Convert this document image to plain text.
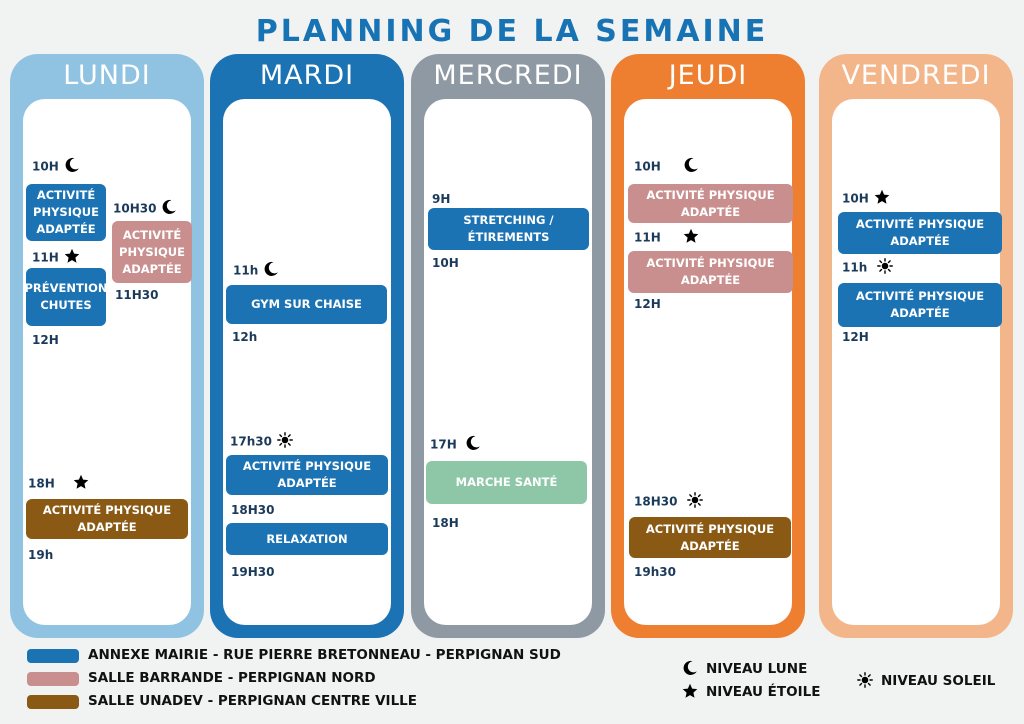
PLANNING DE LA SEMAINE
LUNDI	MARDI	MERCREDI	JEUDI	VENDREDI
10H
ACTIVITÉ PHYSIQUE ADAPTÉE
10H30
ACTIVITÉ PHYSIQUE ADAPTÉE
11H
PRÉVENTION CHUTES
11H30
12H
18H
ACTIVITÉ PHYSIQUE ADAPTÉE
19h
11h
GYM SUR CHAISE
12h
17h30
ACTIVITÉ PHYSIQUE ADAPTÉE
18H30
RELAXATION
19H30
9H
STRETCHING / ÉTIREMENTS
10H
17H
MARCHE SANTÉ
18H
10H
ACTIVITÉ PHYSIQUE ADAPTÉE
11H
ACTIVITÉ PHYSIQUE ADAPTÉE
12H
18H30
ACTIVITÉ PHYSIQUE ADAPTÉE
19h30
10H
ACTIVITÉ PHYSIQUE ADAPTÉE
11h
ACTIVITÉ PHYSIQUE ADAPTÉE
12H
ANNEXE MAIRIE - RUE PIERRE BRETONNEAU - PERPIGNAN SUD
SALLE BARRANDE - PERPIGNAN NORD
SALLE UNADEV - PERPIGNAN CENTRE VILLE
NIVEAU LUNE
NIVEAU ÉTOILE
NIVEAU SOLEIL
